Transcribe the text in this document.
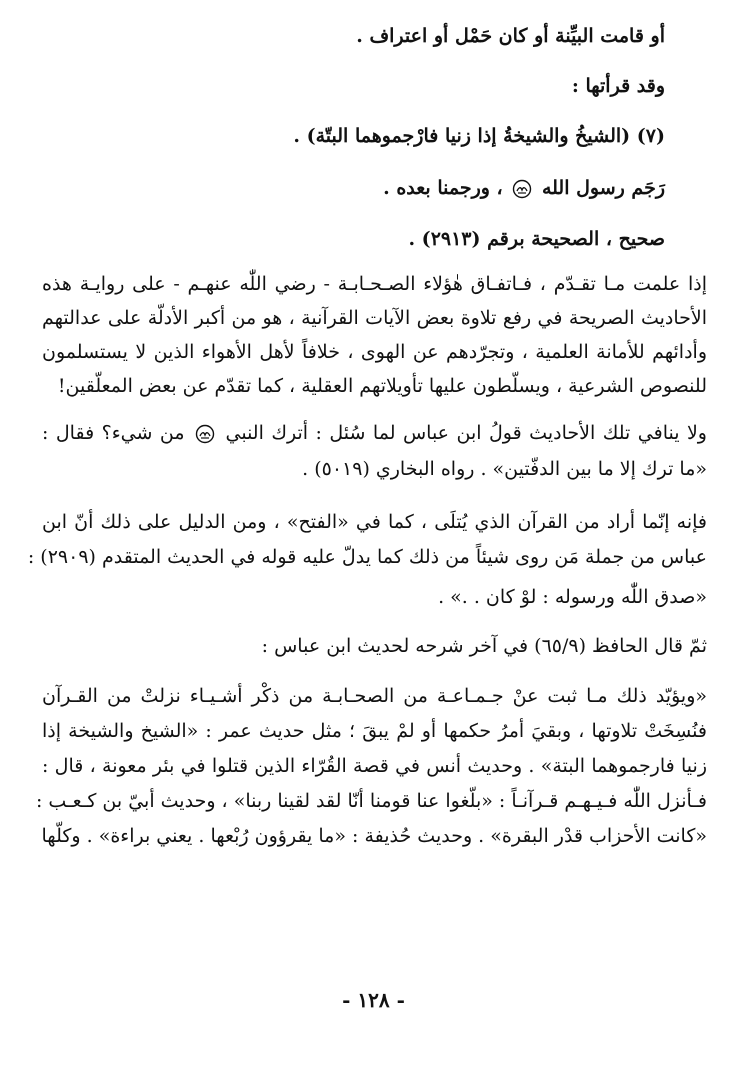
أو قامت البيِّنة أو كان حَمْل أو اعتراف .
وقد قرأتها :
(٧) (الشيخُ والشيخةُ إذا زنيا فارْجموهما البتّة) .
رَجَم رسول الله  ، ورجمنا بعده .
صحيح ، الصحيحة برقم (٢٩١٣) .
إذا علمت مـا تقـدّم ، فـاتفـاق هٰؤلاء الصـحـابـة - رضي اللّٰه عنهـم - على روايـة هذه
الأحاديث الصريحة في رفع تلاوة بعض الآيات القرآنية ، هو من أكبر الأدلّة على عدالتهم
وأدائهم للأمانة العلمية ، وتجرّدهم عن الهوى ، خلافاً لأهل الأهواء الذين لا يستسلمون
للنصوص الشرعية ، ويسلّطون عليها تأويلاتهم العقلية ، كما تقدّم عن بعض المعلّقين!
ولا ينافي تلك الأحاديث قولُ ابن عباس لما سُئل : أترك النبي  من شيء؟ فقال :
«ما ترك إلا ما بين الدفّتين» . رواه البخاري (٥٠١٩) .
فإنه إنّما أراد من القرآن الذي يُتلَى ، كما في «الفتح» ، ومن الدليل على ذلك أنّ ابن
عباس من جملة مَن روى شيئاً من ذلك كما يدلّ عليه قوله في الحديث المتقدم (٢٩٠٩) :
«صدق اللّٰه ورسوله : لوْ كان . .» .
ثمّ قال الحافظ (٦٥/٩) في آخر شرحه لحديث ابن عباس :
«ويؤيّد ذلك مـا ثبت عنْ جـمـاعـة من الصحـابـة من ذكْر أشـيـاء نزلتْ من القـرآن
فنُسِخَتْ تلاوتها ، وبقيَ أمرُ حكمها أو لمْ يبقَ ؛ مثل حديث عمر : «الشيخ والشيخة إذا
زنيا فارجموهما البتة» . وحديث أنس في قصة القُرّاء الذين قتلوا في بئر معونة ، قال :
فـأنزل اللّٰه فـيـهـم قـرآنـاً : «بلّغوا عنا قومنا أنّا لقد لقينا ربنا» ، وحديث أبيّ بن كـعـب :
«كانت الأحزاب قدْر البقرة» . وحديث حُذيفة : «ما يقرؤون رُبْعها . يعني براءة» . وكلّها
- ١٢٨ -
